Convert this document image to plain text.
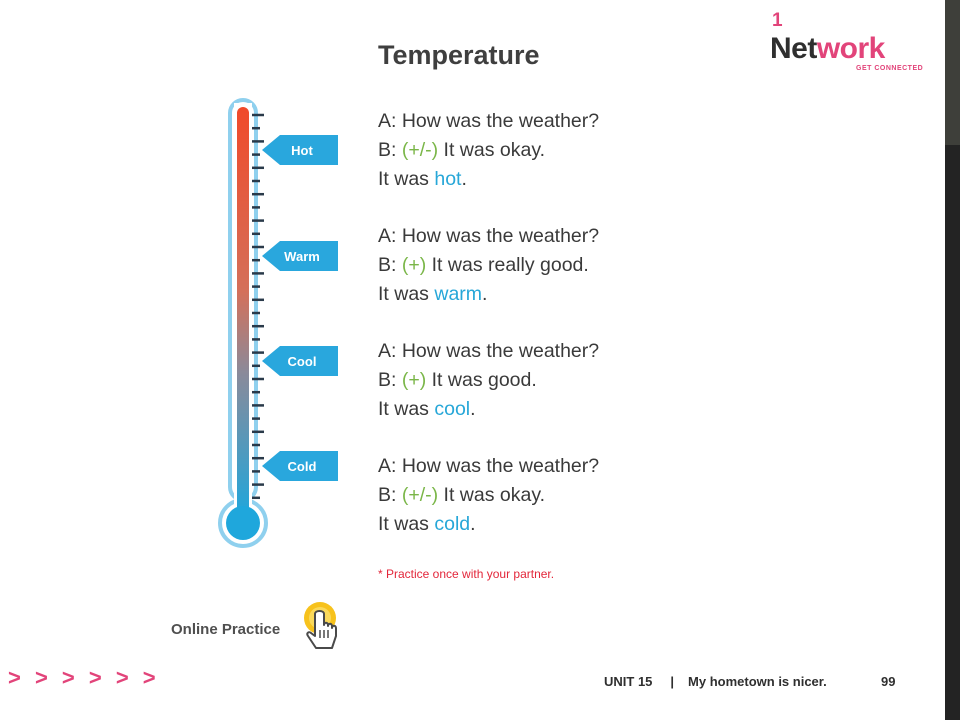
1
Network
GET CONNECTED
Temperature
Hot
Warm
Cool
Cold
A: How was the weather?
B: (+/-) It was okay.
It was hot.
A: How was the weather?
B: (+) It was really good.
It was warm.
A: How was the weather?
B: (+) It was good.
It was cool.
A: How was the weather?
B: (+/-) It was okay.
It was cold.
* Practice once with your partner.
Online Practice
> > > > > >	UNIT 15 | My hometown is nicer.	99
